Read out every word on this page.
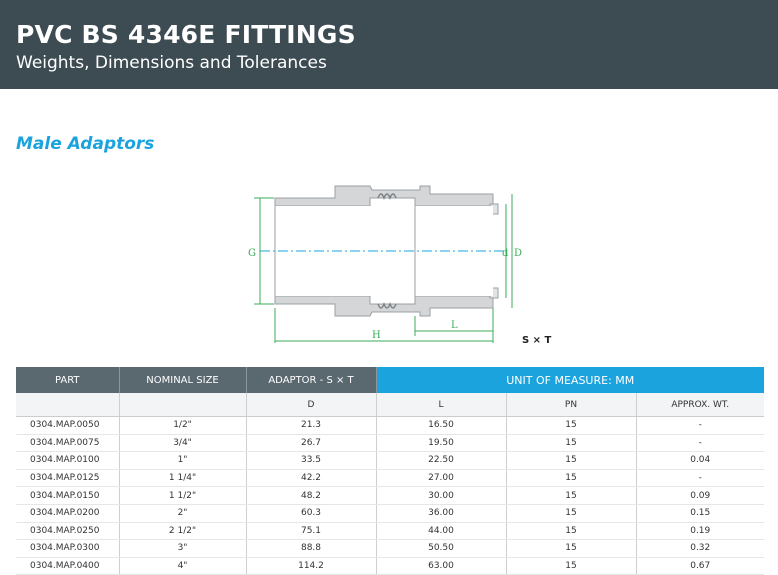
PVC BS 4346E FITTINGS
Weights, Dimensions and Tolerances
Male Adaptors
G	d D
L
H	S × T
PART	NOMINAL SIZE	ADAPTOR - S × T	UNIT OF MEASURE: MM		
		D	L	PN	APPROX. WT.
0304.MAP.0050	1/2"	21.3	16.50	15	-
0304.MAP.0075	3/4"	26.7	19.50	15	-
0304.MAP.0100	1"	33.5	22.50	15	0.04
0304.MAP.0125	1 1/4"	42.2	27.00	15	-
0304.MAP.0150	1 1/2"	48.2	30.00	15	0.09
0304.MAP.0200	2"	60.3	36.00	15	0.15
0304.MAP.0250	2 1/2"	75.1	44.00	15	0.19
0304.MAP.0300	3"	88.8	50.50	15	0.32
0304.MAP.0400	4"	114.2	63.00	15	0.67
